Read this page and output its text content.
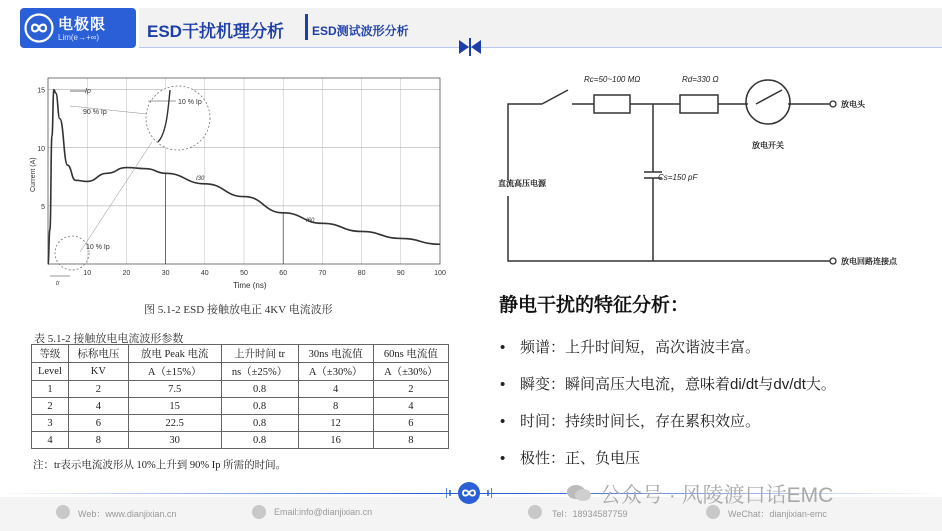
电极限
Lim(e→+∞)	ESD干扰机理分析 ESD测试波形分析
15
10
5
10	20	30	40	50	60	70	80	90	100
Current (A)
Time (ns)
Ip
90 % Ip
I30
I60
10 % Ip
10 % Ip
tr
图 5.1-2 ESD 接触放电正 4KV 电流波形
表 5.1-2 接触放电电流波形参数
等级	标称电压	放电 Peak 电流	上升时间 tr	30ns 电流值	60ns 电流值
Level	KV	A（±15%）	ns（±25%）	A（±30%）	A（±30%）
1	2	7.5	0.8	4	2
2	4	15	0.8	8	4
3	6	22.5	0.8	12	6
4	8	30	0.8	16	8
注：tr表示电流波形从 10%上升到 90% Ip 所需的时间。
Rc=50~100 MΩ	Rd=330 Ω
Cs=150 pF
直流高压电源
放电开关
放电头
放电回路连接点
静电干扰的特征分析：
• 频谱：上升时间短，高次谐波丰富。
• 瞬变：瞬间高压大电流，意味着di/dt与dv/dt大。
• 时间：持续时间长，存在累积效应。
• 极性：正、负电压
Web：www.dianjixian.cn	Email:info@dianjixian.cn	Tel：18934587759	WeChat：dianjixian-emc
公众号 · 风陵渡口话EMC
